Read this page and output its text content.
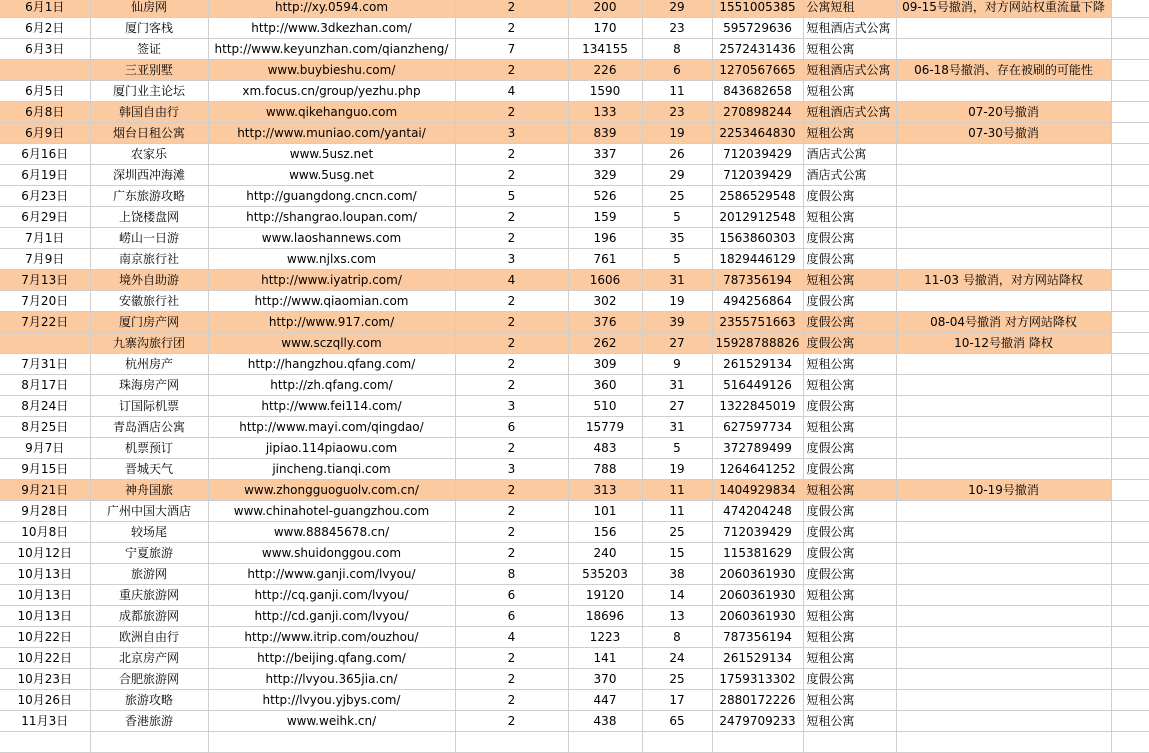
6月1日	仙房网	http://xy.0594.com	2	200	29	1551005385	公寓短租	09-15号撤消，对方网站权重流量下降	
6月2日	厦门客栈	http://www.3dkezhan.com/	2	170	23	595729636	短租酒店式公寓		
6月3日	签证	http://www.keyunzhan.com/qianzheng/	7	134155	8	2572431436	短租公寓		
	三亚别墅	www.buybieshu.com/	2	226	6	1270567665	短租酒店式公寓	06-18号撤消、存在被刷的可能性	
6月5日	厦门业主论坛	xm.focus.cn/group/yezhu.php	4	1590	11	843682658	短租公寓		
6月8日	韩国自由行	www.qikehanguo.com	2	133	23	270898244	短租酒店式公寓	07-20号撤消	
6月9日	烟台日租公寓	http://www.muniao.com/yantai/	3	839	19	2253464830	短租公寓	07-30号撤消	
6月16日	农家乐	www.5usz.net	2	337	26	712039429	酒店式公寓		
6月19日	深圳西冲海滩	www.5usg.net	2	329	29	712039429	酒店式公寓		
6月23日	广东旅游攻略	http://guangdong.cncn.com/	5	526	25	2586529548	度假公寓		
6月29日	上饶楼盘网	http://shangrao.loupan.com/	2	159	5	2012912548	短租公寓		
7月1日	崂山一日游	www.laoshannews.com	2	196	35	1563860303	度假公寓		
7月9日	南京旅行社	www.njlxs.com	3	761	5	1829446129	度假公寓		
7月13日	境外自助游	http://www.iyatrip.com/	4	1606	31	787356194	短租公寓	11-03 号撤消，对方网站降权	
7月20日	安徽旅行社	http://www.qiaomian.com	2	302	19	494256864	度假公寓		
7月22日	厦门房产网	http://www.917.com/	2	376	39	2355751663	度假公寓	08-04号撤消 对方网站降权	
	九寨沟旅行团	www.sczqlly.com	2	262	27	15928788826	度假公寓	10-12号撤消 降权	
7月31日	杭州房产	http://hangzhou.qfang.com/	2	309	9	261529134	短租公寓		
8月17日	珠海房产网	http://zh.qfang.com/	2	360	31	516449126	短租公寓		
8月24日	订国际机票	http://www.fei114.com/	3	510	27	1322845019	度假公寓		
8月25日	青岛酒店公寓	http://www.mayi.com/qingdao/	6	15779	31	627597734	短租公寓		
9月7日	机票预订	jipiao.114piaowu.com	2	483	5	372789499	度假公寓		
9月15日	晋城天气	jincheng.tianqi.com	3	788	19	1264641252	度假公寓		
9月21日	神舟国旅	www.zhongguoguolv.com.cn/	2	313	11	1404929834	短租公寓	10-19号撤消	
9月28日	广州中国大酒店	www.chinahotel-guangzhou.com	2	101	11	474204248	度假公寓		
10月8日	较场尾	www.88845678.cn/	2	156	25	712039429	度假公寓		
10月12日	宁夏旅游	www.shuidonggou.com	2	240	15	115381629	度假公寓		
10月13日	旅游网	http://www.ganji.com/lvyou/	8	535203	38	2060361930	度假公寓		
10月13日	重庆旅游网	http://cq.ganji.com/lvyou/	6	19120	14	2060361930	短租公寓		
10月13日	成都旅游网	http://cd.ganji.com/lvyou/	6	18696	13	2060361930	短租公寓		
10月22日	欧洲自由行	http://www.itrip.com/ouzhou/	4	1223	8	787356194	短租公寓		
10月22日	北京房产网	http://beijing.qfang.com/	2	141	24	261529134	短租公寓		
10月23日	合肥旅游网	http://lvyou.365jia.cn/	2	370	25	1759313302	度假公寓		
10月26日	旅游攻略	http://lvyou.yjbys.com/	2	447	17	2880172226	短租公寓		
11月3日	香港旅游	www.weihk.cn/	2	438	65	2479709233	短租公寓		
